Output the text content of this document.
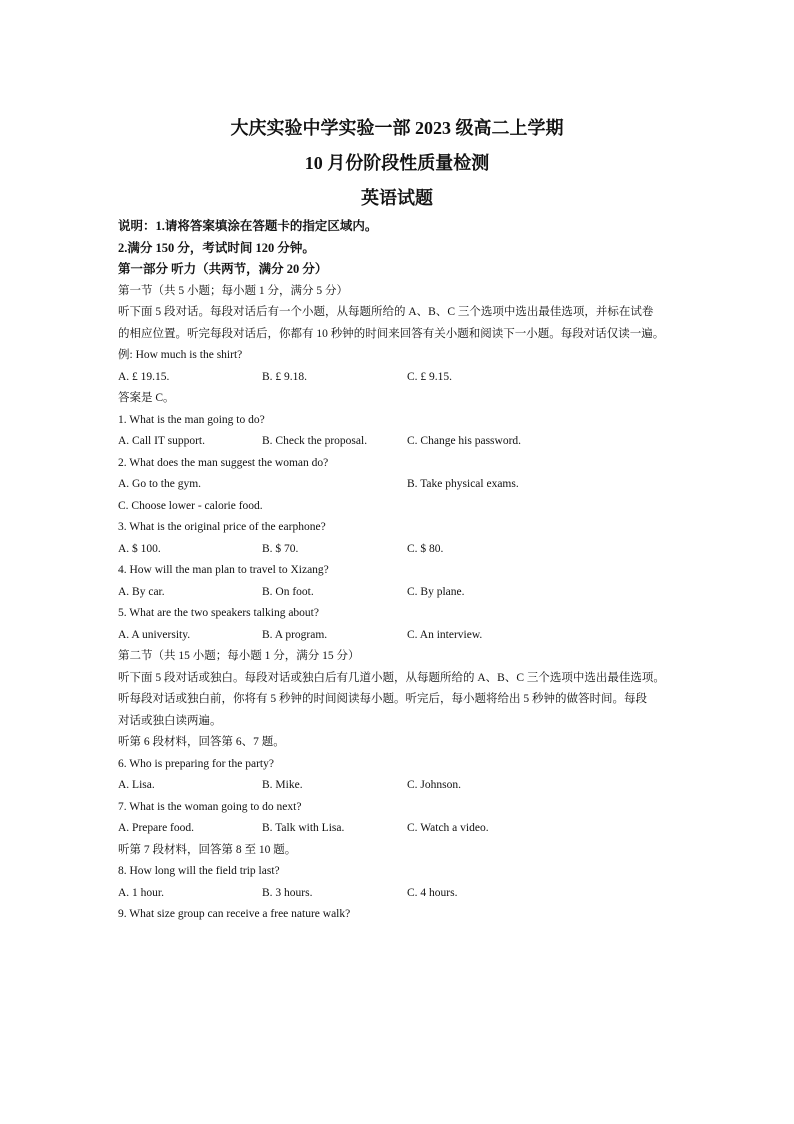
大庆实验中学实验一部 2023 级高二上学期
10 月份阶段性质量检测
英语试题
说明：1.请将答案填涂在答题卡的指定区域内。
2.满分 150 分，考试时间 120 分钟。
第一部分 听力（共两节，满分 20 分）
第一节（共 5 小题；每小题 1 分，满分 5 分）
听下面 5 段对话。每段对话后有一个小题，从每题所给的 A、B、C 三个选项中选出最佳选项，并标在试卷
的相应位置。听完每段对话后，你都有 10 秒钟的时间来回答有关小题和阅读下一小题。每段对话仅读一遍。
例: How much is the shirt?
A. £ 19.15.	B. £ 9.18.	C. £ 9.15.
答案是 C。
1. What is the man going to do?
A. Call IT support.	B. Check the proposal.	C. Change his password.
2. What does the man suggest the woman do?
A. Go to the gym.	B. Take physical exams.
C. Choose lower - calorie food.
3. What is the original price of the earphone?
A. $ 100.	B. $ 70.	C. $ 80.
4. How will the man plan to travel to Xizang?
A. By car.	B. On foot.	C. By plane.
5. What are the two speakers talking about?
A. A university.	B. A program.	C. An interview.
第二节（共 15 小题；每小题 1 分，满分 15 分）
听下面 5 段对话或独白。每段对话或独白后有几道小题，从每题所给的 A、B、C 三个选项中选出最佳选项。
听每段对话或独白前，你将有 5 秒钟的时间阅读每小题。听完后，每小题将给出 5 秒钟的做答时间。每段
对话或独白读两遍。
听第 6 段材料，回答第 6、7 题。
6. Who is preparing for the party?
A. Lisa.	B. Mike.	C. Johnson.
7. What is the woman going to do next?
A. Prepare food.	B. Talk with Lisa.	C. Watch a video.
听第 7 段材料，回答第 8 至 10 题。
8. How long will the field trip last?
A. 1 hour.	B. 3 hours.	C. 4 hours.
9. What size group can receive a free nature walk?
